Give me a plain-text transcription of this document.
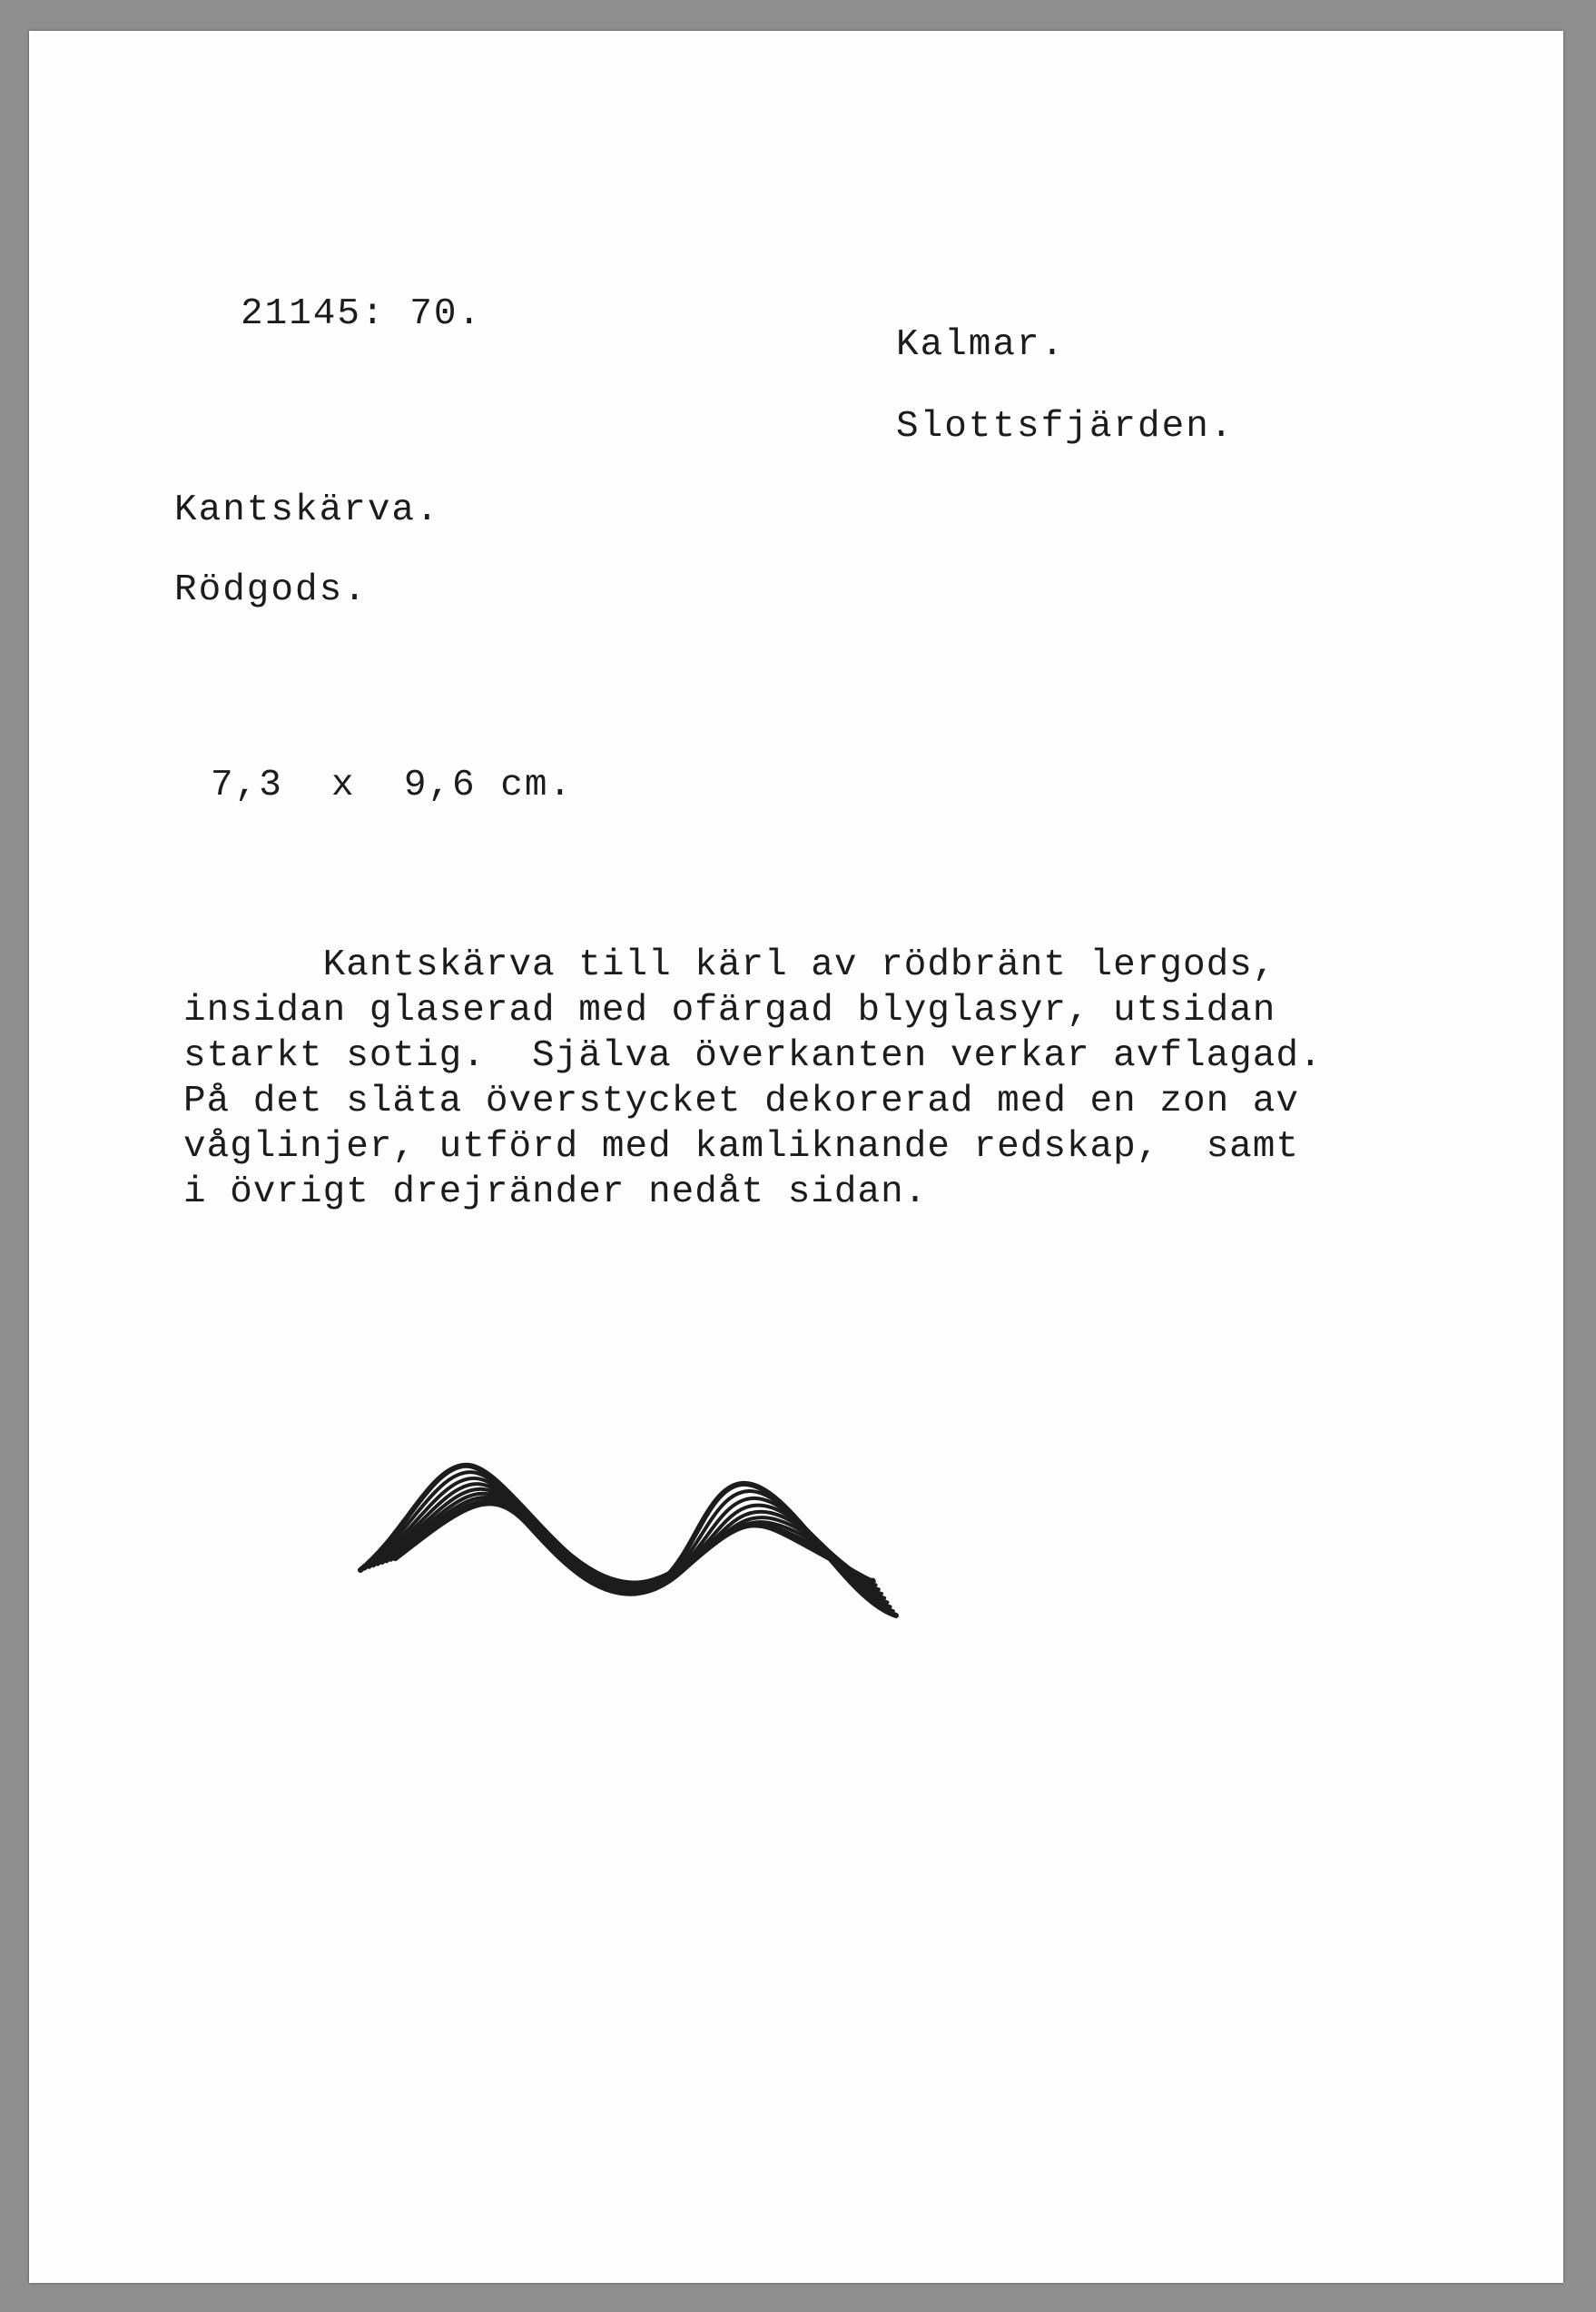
21145: 70.

Kalmar.

Slottsfjärden.

Kantskärva.

Rödgods.

7,3  x  9,6 cm.

Kantskärva till kärl av rödbränt lergods,
insidan glaserad med ofärgad blyglasyr, utsidan
starkt sotig.  Själva överkanten verkar avflagad.
På det släta överstycket dekorerad med en zon av
våglinjer, utförd med kamliknande redskap,  samt
i övrigt drejränder nedåt sidan.
